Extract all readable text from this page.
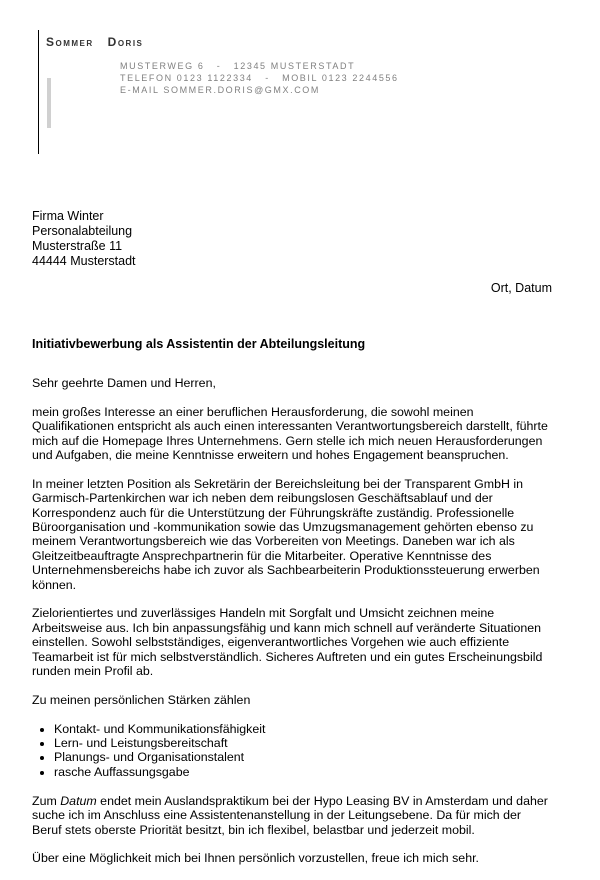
Sommer Doris
MUSTERWEG 6   -   12345 MUSTERSTADT
TELEFON 0123 1122334   -   MOBIL 0123 2244556
E-MAIL SOMMER.DORIS@GMX.COM
Firma Winter
Personalabteilung
Musterstraße 11
44444 Musterstadt
Ort, Datum
Initiativbewerbung als Assistentin der Abteilungsleitung

Sehr geehrte Damen und Herren,

mein großes Interesse an einer beruflichen Herausforderung, die sowohl meinen Qualifikationen entspricht als auch einen interessanten Verantwortungsbereich darstellt, führte mich auf die Homepage Ihres Unternehmens. Gern stelle ich mich neuen Herausforderungen und Aufgaben, die meine Kenntnisse erweitern und hohes Engagement beanspruchen.

In meiner letzten Position als Sekretärin der Bereichsleitung bei der Transparent GmbH in Garmisch-Partenkirchen war ich neben dem reibungslosen Geschäftsablauf und der Korrespondenz auch für die Unterstützung der Führungskräfte zuständig. Professionelle Büroorganisation und -kommunikation sowie das Umzugsmanagement gehörten ebenso zu meinem Verantwortungsbereich wie das Vorbereiten von Meetings. Daneben war ich als Gleitzeitbeauftragte Ansprechpartnerin für die Mitarbeiter. Operative Kenntnisse des Unternehmensbereichs habe ich zuvor als Sachbearbeiterin Produktionssteuerung erwerben können.

Zielorientiertes und zuverlässiges Handeln mit Sorgfalt und Umsicht zeichnen meine Arbeitsweise aus. Ich bin anpassungsfähig und kann mich schnell auf veränderte Situationen einstellen. Sowohl selbstständiges, eigenverantwortliches Vorgehen wie auch effiziente Teamarbeit ist für mich selbstverständlich. Sicheres Auftreten und ein gutes Erscheinungsbild runden mein Profil ab.

Zu meinen persönlichen Stärken zählen

• Kontakt- und Kommunikationsfähigkeit
• Lern- und Leistungsbereitschaft
• Planungs- und Organisationstalent
• rasche Auffassungsgabe

Zum Datum endet mein Auslandspraktikum bei der Hypo Leasing BV in Amsterdam und daher suche ich im Anschluss eine Assistentenanstellung in der Leitungsebene. Da für mich der Beruf stets oberste Priorität besitzt, bin ich flexibel, belastbar und jederzeit mobil.

Über eine Möglichkeit mich bei Ihnen persönlich vorzustellen, freue ich mich sehr.
